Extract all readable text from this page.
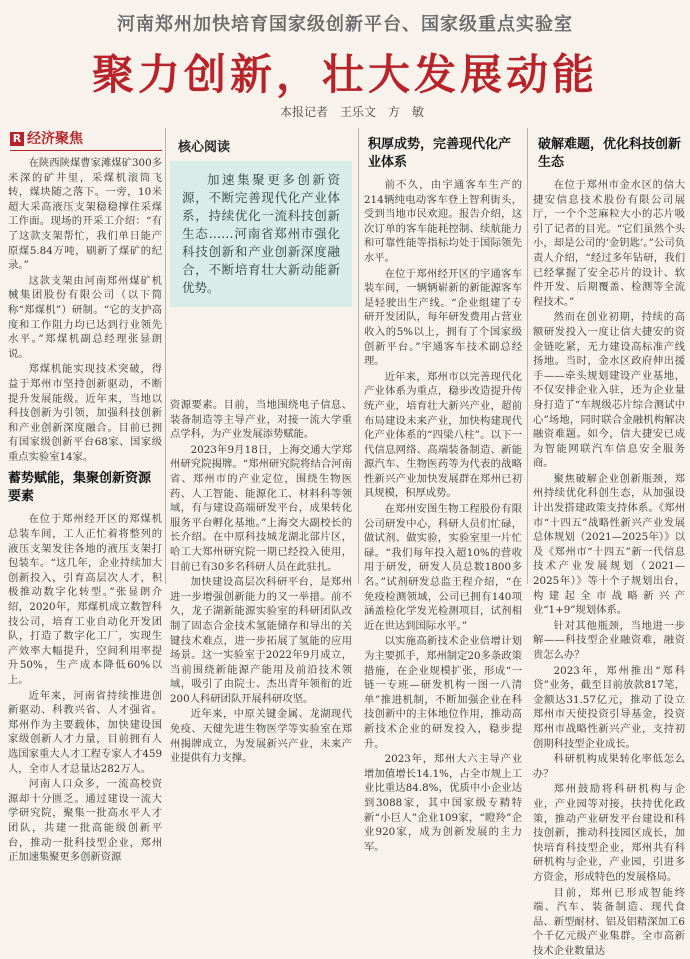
河南郑州加快培育国家级创新平台、国家级重点实验室
聚力创新，壮大发展动能
本报记者　王乐文　方　敏
R 经济聚焦

在陕西陕煤曹家滩煤矿300多米深的矿井里，采煤机滚筒飞转，煤块随之落下。一旁，10米超大采高液压支架稳稳撑住采煤工作面。现场的开采工介绍：“有了这款支架帮忙，我们单日能产原煤5.84万吨，刷新了煤矿的纪录。”

这款支架由河南郑州煤矿机械集团股份有限公司（以下简称“郑煤机”）研制。“它的支护高度和工作阻力均已达到行业领先水平。”郑煤机副总经理张显朗说。

郑煤机能实现技术突破，得益于郑州市坚持创新驱动，不断提升发展能级。近年来，当地以科技创新为引领，加强科技创新和产业创新深度融合。目前已拥有国家级创新平台68家、国家级重点实验室14家。

蓄势赋能，集聚创新资源要素

在位于郑州经开区的郑煤机总装车间，工人正忙着将整列的液压支架发往各地的液压支架打包装车。“这几年，企业持续加大创新投入，引育高层次人才，积极推动数字化转型。”张显朗介绍，2020年，郑煤机成立数智科技公司，培育工业自动化开发团队，打造了数字化工厂，实现生产效率大幅提升，空间利用率提升50%，生产成本降低60%以上。

近年来，河南省持续推进创新驱动、科教兴省、人才强省。郑州作为主要载体，加快建设国家级创新人才力量，目前拥有人选国家重大人才工程专家人才459人，全市人才总量达282万人。

河南人口众多，一流高校资源却十分匮乏。通过建设一流大学研究院，聚集一批高水平人才团队，共建一批高能级创新平台，推动一批科技型企业，郑州正加速集聚更多创新资源

核心阅读

加速集聚更多创新资源，不断完善现代化产业体系，持续优化一流科技创新生态……河南省郑州市强化科技创新和产业创新深度融合，不断培育壮大新动能新优势。

资源要素。目前，当地围绕电子信息、装备制造等主导产业，对接一流大学重点学科，为产业发展添势赋能。

2023年9月18日，上海交通大学郑州研究院揭牌。“郑州研究院将结合河南省、郑州市的产业定位，围绕生物医药、人工智能、能源化工、材料科等领域，有与建设高端研发平台，成果转化服务平台孵化基地。”上海交大副校长的长介绍。在中原科技城龙湖北部片区，哈工大郑州研究院一期已经投入使用，目前已有30多名科研人员在此驻扎。

加快建设高层次科研平台，是郑州进一步增强创新能力的又一举措。前不久，龙子湖新能源实验室的科研团队改制了固态合金技术氢能储存和导出的关键技术难点，进一步拓展了氢能的应用场景。这一实验室于2022年9月成立，当前围绕新能源产能用及前沿技术领域，吸引了由院士、杰出青年领衔的近200人科研团队开展科研攻坚。

近年来，中原关键金属、龙湖现代免疫、天健先进生物医学等实验室在郑州揭牌成立，为发展新兴产业，未来产业提供有力支撑。

积厚成势，完善现代化产业体系

前不久，由宇通客车生产的214辆纯电动客车登上智利街头，受到当地市民欢迎。报告介绍，这次订单的客车能耗控制、续航能力和可靠性能等指标均处于国际领先水平。

在位于郑州经开区的宇通客车装车间，一辆辆崭新的新能源客车是轻驶出生产线。“企业组建了专研开发团队，每年研发费用占营业收入的5%以上，拥有了个国家级创新平台。”宇通客车技术副总经理。

近年来，郑州市以完善现代化产业体系为重点，稳步改造提升传统产业，培育壮大新兴产业，超前布局建设未来产业，加快构建现代化产业体系的“四梁八柱”。以下一代信息网络、高端装备制造、新能源汽车、生物医药等为代表的战略性新兴产业加快发展群在郑州已初具规模，积厚成势。

在郑州安图生物工程股份有限公司研发中心，科研人员们忙碌，做试剂、做实验，实验室里一片忙碌。“我们每年投入超10%的营收用于研发，研发人员总数1800多名。”试剂研发总监王程介绍，“在免疫检测领域，公司已拥有140项涵盖检化学发光检测项目，试剂相近在世达到国际水平。”

以实施高新技术企业倍增计划为主要抓手，郑州制定20多条政策措施，在企业规模扩张，形成“一链一专班—研发机构一图一八清单”推进机制，不断加强企业在科技创新中的主体地位作用，推动高新技术企业的研发投入，稳步提升。

2023年，郑州大六主导产业增加值增长14.1%，占全市规上工业比重达84.8%，优质中小企业达到3088家，其中国家级专精特新“小巨人”企业109家，“瞪羚”企业920家，成为创新发展的主力军。

破解难题，优化科技创新生态

在位于郑州市金水区的信大捷安信息技术股份有限公司展厅，一个个芝麻粒大小的芯片吸引了记者的目光。“它们虽然个头小，却是公司的‘金钥匙’。”公司负责人介绍，“经过多年钻研，我们已经掌握了安全芯片的设计、软件开发、后期覆盖、检测等全流程技术。”

然而在创业初期，持续的高额研发投入一度让信大捷安的资金链吃紧，无力建设高标准产线扬地。当时，金水区政府伸出援手——牵头规划建设产业基地，不仅安排企业入驻，还为企业量身打造了“车规级芯片综合测试中心”场地，同时联合金融机构解决融资难题。如今，信大捷安已成为智能网联汽车信息安全服务商。

聚焦破解企业创新瓶颈，郑州持续优化科创生态，从加强设计出发搭建政策支持体系。《郑州市“十四五”战略性新兴产业发展总体规划（2021—2025年）》以及《郑州市“十四五”新一代信息技术产业发展规划（2021—2025年）》等十个子规划出台，构建起全市战略新兴产业“1+9”规划体系。

针对其他瓶颈，当地进一步解——科技型企业融资难，融资贵怎么办？

2023年，郑州推出“郑科贷”业务，截至目前放款817笔，金额达31.57亿元，推动了设立郑州市天使投资引导基金，投资郑州市战略性新兴产业，支持初创期科技型企业成长。

科研机构成果转化率低怎么办？

郑州鼓励将科研机构与企业，产业园等对接，扶持优化政策，推动产业研发平台建设和科技创新，推动科技园区成长，加快培育科技型企业，郑州共有科研机构与企业，产业园，引进多方资金，形成特色的发展格局。

目前，郑州已形成智能终端、汽车、装备制造、现代食品、新型耐材、铝及铝精深加工6个千亿元级产业集群。全市高新技术企业数量达
